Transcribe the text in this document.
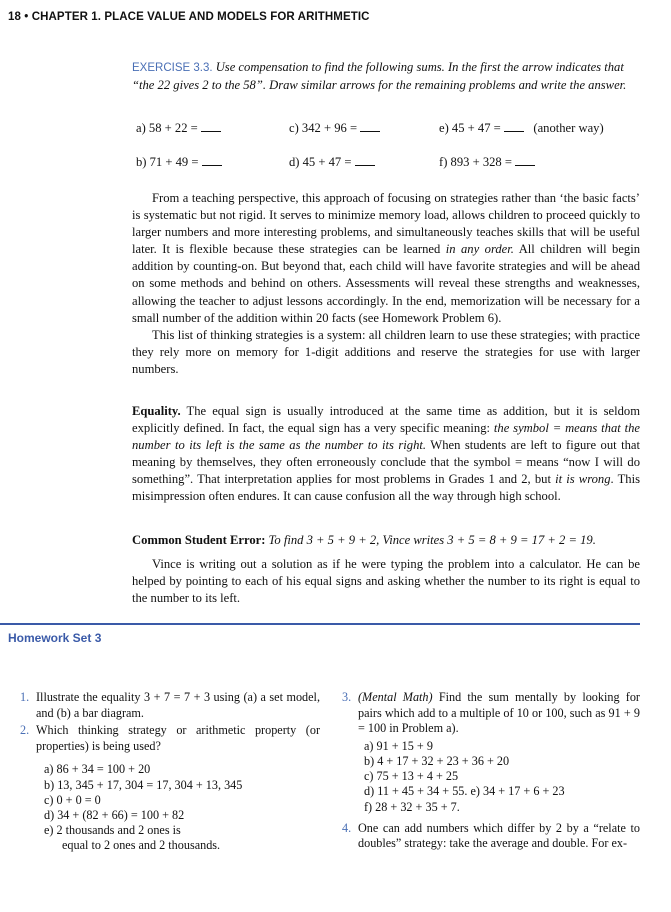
18 • CHAPTER 1. PLACE VALUE AND MODELS FOR ARITHMETIC
EXERCISE 3.3. Use compensation to find the following sums. In the first the arrow indicates that “the 22 gives 2 to the 58”. Draw similar arrows for the remaining problems and write the answer.
a) 58 + 22 =	c) 342 + 96 =	e) 45 + 47 =    (another way)
b) 71 + 49 =	d) 45 + 47 =	f) 893 + 328 =

From a teaching perspective, this approach of focusing on strategies rather than ‘the basic facts’ is systematic but not rigid. It serves to minimize memory load, allows children to proceed quickly to larger numbers and more interesting problems, and simultaneously teaches skills that will be useful later. It is flexible because these strategies can be learned in any order. All children will begin addition by counting-on. But beyond that, each child will have favorite strategies and will be ahead on some methods and behind on others. Assessments will reveal these strengths and weaknesses, allowing the teacher to adjust lessons accordingly. In the end, memorization will be necessary for a small number of the addition within 20 facts (see Homework Problem 6).

This list of thinking strategies is a system: all children learn to use these strategies; with practice they rely more on memory for 1-digit additions and reserve the strategies for use with larger numbers.

Equality. The equal sign is usually introduced at the same time as addition, but it is seldom explicitly defined. In fact, the equal sign has a very specific meaning: the symbol = means that the number to its left is the same as the number to its right. When students are left to figure out that meaning by themselves, they often erroneously conclude that the symbol = means “now I will do something”. That interpretation applies for most problems in Grades 1 and 2, but it is wrong. This misimpression often endures. It can cause confusion all the way through high school.

Common Student Error: To find 3 + 5 + 9 + 2, Vince writes 3 + 5 = 8 + 9 = 17 + 2 = 19.

Vince is writing out a solution as if he were typing the problem into a calculator. He can be helped by pointing to each of his equal signs and asking whether the number to its right is equal to the number to its left.

Homework Set 3
1. Illustrate the equality 3 + 7 = 7 + 3 using (a) a set model, and (b) a bar diagram.
2. Which thinking strategy or arithmetic property (or properties) is being used?
a) 86 + 34 = 100 + 20
b) 13, 345 + 17, 304 = 17, 304 + 13, 345
c) 0 + 0 = 0
d) 34 + (82 + 66) = 100 + 82
e) 2 thousands and 2 ones is
equal to 2 ones and 2 thousands.
3. (Mental Math) Find the sum mentally by looking for pairs which add to a multiple of 10 or 100, such as 91 + 9 = 100 in Problem a).
a) 91 + 15 + 9
b) 4 + 17 + 32 + 23 + 36 + 20
c) 75 + 13 + 4 + 25
d) 11 + 45 + 34 + 55. e) 34 + 17 + 6 + 23
f) 28 + 32 + 35 + 7.
4. One can add numbers which differ by 2 by a “relate to doubles” strategy: take the average and double. For ex-
